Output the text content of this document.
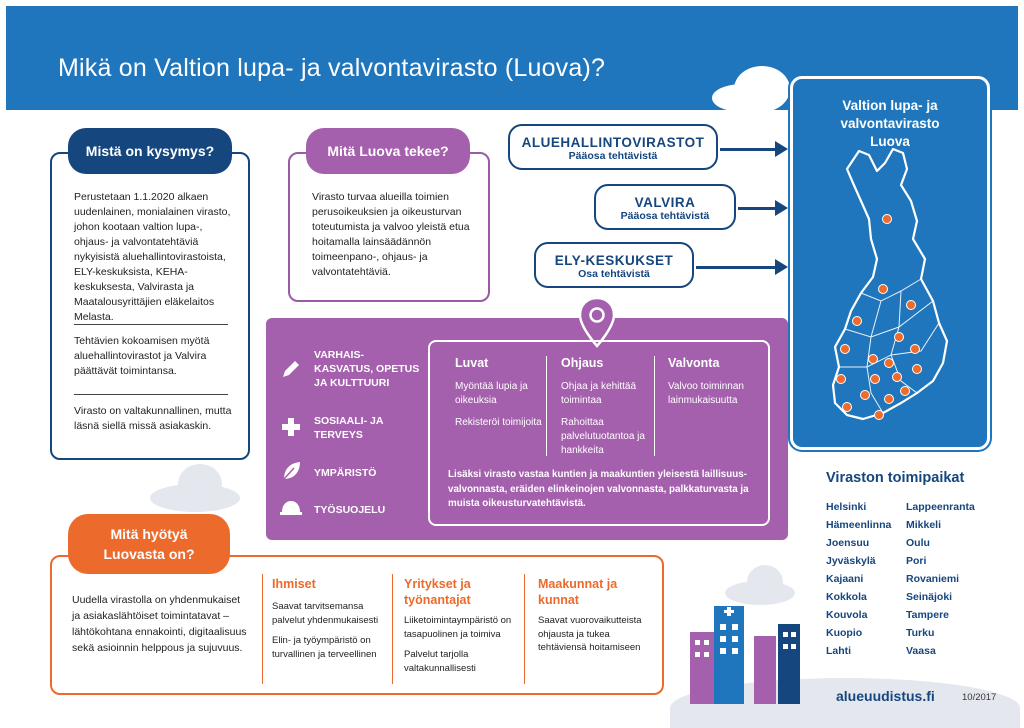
Mikä on Valtion lupa- ja valvontavirasto (Luova)?
Perustetaan 1.1.2020 alkaen uudenlainen, monialainen virasto, johon kootaan valtion lupa-, ohjaus- ja valvontatehtäviä nykyisistä aluehallintovirastoista, ELY-keskuksista, KEHA-keskuksesta, Valvirasta ja Maatalousyrittäjien eläkelaitos Melasta.
Tehtävien kokoamisen myötä aluehallintovirastot ja Valvira päättävät toimintansa.
Virasto on valtakunnallinen, mutta läsnä siellä missä asiakaskin.
Mistä on kysymys?
Virasto turvaa alueilla toimien perusoikeuksien ja oikeusturvan toteutumista ja valvoo yleistä etua hoitamalla lainsäädännön toimeenpano-, ohjaus- ja valvontatehtäviä.
Mitä Luova tekee?
ALUEHALLINTOVIRASTOT
Pääosa tehtävistä
VALVIRA
Pääosa tehtävistä
ELY-KESKUKSET
Osa tehtävistä
VARHAIS-
KASVATUS, OPETUS
JA KULTTUURI
SOSIAALI- JA
TERVEYS
YMPÄRISTÖ
TYÖSUOJELU
Luvat
Myöntää lupia ja oikeuksia
Rekisteröi toimijoita
Ohjaus
Ohjaa ja kehittää toimintaa
Rahoittaa palvelutuotantoa ja hankkeita
Valvonta
Valvoo toiminnan lainmukaisuutta
Lisäksi virasto vastaa kuntien ja maakuntien yleisestä laillisuus-valvonnasta, eräiden elinkeinojen valvonnasta, palkkaturvasta ja muista oikeusturvatehtävistä.
Valtion lupa- ja valvontavirasto Luova
Viraston toimipaikat
Helsinki
Hämeenlinna
Joensuu
Jyväskylä
Kajaani
Kokkola
Kouvola
Kuopio
Lahti
Lappeenranta
Mikkeli
Oulu
Pori
Rovaniemi
Seinäjoki
Tampere
Turku
Vaasa
Mitä hyötyä Luovasta on?
Uudella virastolla on yhdenmukaiset ja asiakaslähtöiset toimintatavat – lähtökohtana ennakointi, digitaalisuus sekä asioinnin helppous ja sujuvuus.
Ihmiset
Saavat tarvitsemansa palvelut yhdenmukaisesti
Elin- ja työympäristö on turvallinen ja terveellinen
Yritykset ja työnantajat
Liiketoimintaympäristö on tasapuolinen ja toimiva
Palvelut tarjolla valtakunnallisesti
Maakunnat ja kunnat
Saavat vuorovaikutteista ohjausta ja tukea tehtäviensä hoitamiseen
alueuudistus.fi	10/2017
